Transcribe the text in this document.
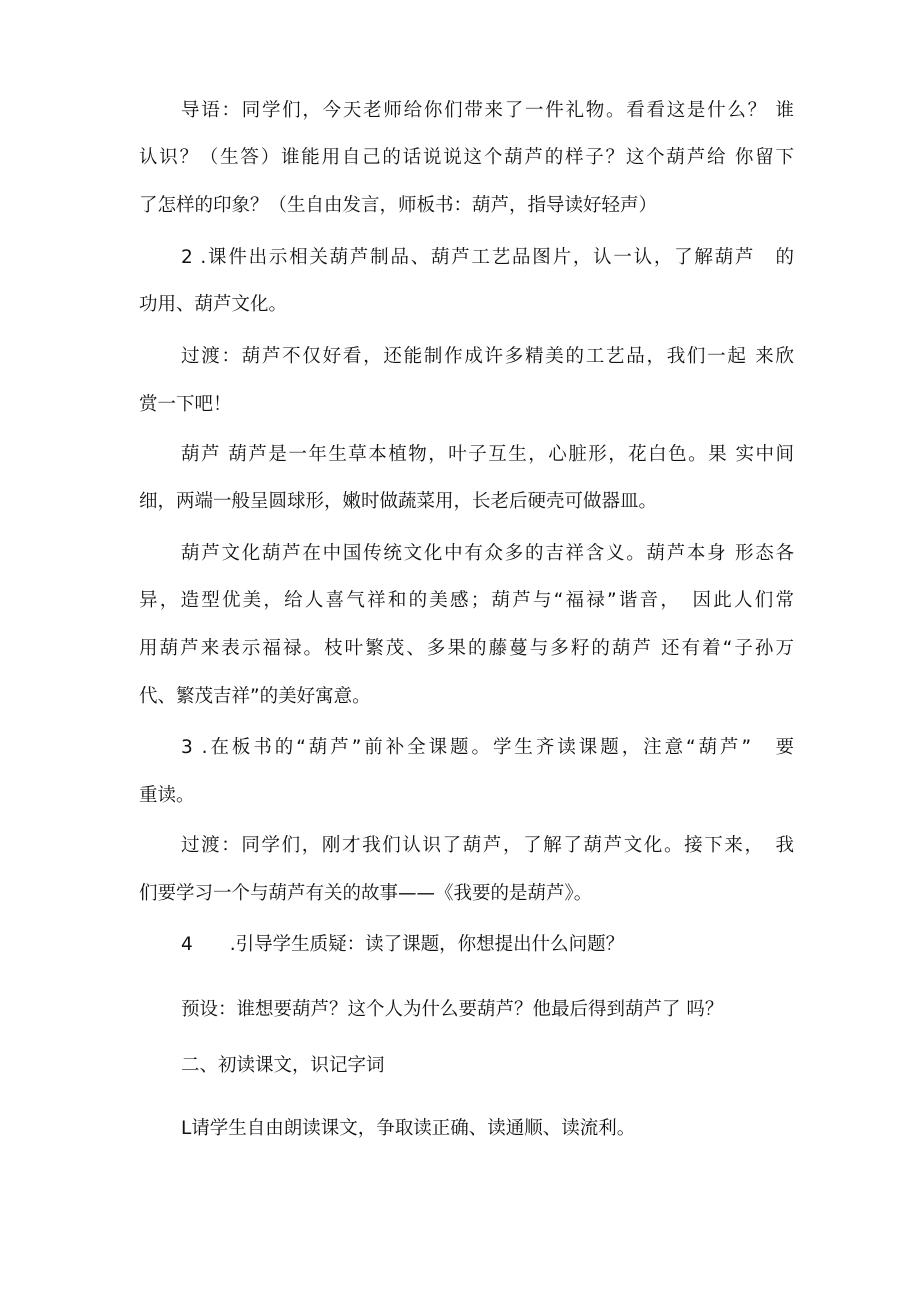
导语：同学们，今天老师给你们带来了一件礼物。看看这是什么？ 谁
认识？（生答）谁能用自己的话说说这个葫芦的样子？这个葫芦给 你留下
了怎样的印象？（生自由发言，师板书：葫芦，指导读好轻声）
2 .课件出示相关葫芦制品、葫芦工艺品图片，认一认，了解葫芦　的
功用、葫芦文化。
过渡：葫芦不仅好看，还能制作成许多精美的工艺品，我们一起 来欣
赏一下吧！
葫芦 葫芦是一年生草本植物，叶子互生，心脏形，花白色。果 实中间
细，两端一般呈圆球形，嫩时做蔬菜用，长老后硬壳可做器皿。
葫芦文化葫芦在中国传统文化中有众多的吉祥含义。葫芦本身 形态各
异，造型优美，给人喜气祥和的美感；葫芦与“福禄”谐音，　因此人们常
用葫芦来表示福禄。枝叶繁茂、多果的藤蔓与多籽的葫芦 还有着“子孙万
代、繁茂吉祥”的美好寓意。
3 .在板书的“葫芦”前补全课题。学生齐读课题，注意“葫芦”　要
重读。
过渡：同学们，刚才我们认识了葫芦，了解了葫芦文化。接下来，　我
们要学习一个与葫芦有关的故事——《我要的是葫芦》。
4　　.引导学生质疑：读了课题，你想提出什么问题？
预设：谁想要葫芦？这个人为什么要葫芦？他最后得到葫芦了 吗？
二、初读课文，识记字词
L请学生自由朗读课文，争取读正确、读通顺、读流利。
